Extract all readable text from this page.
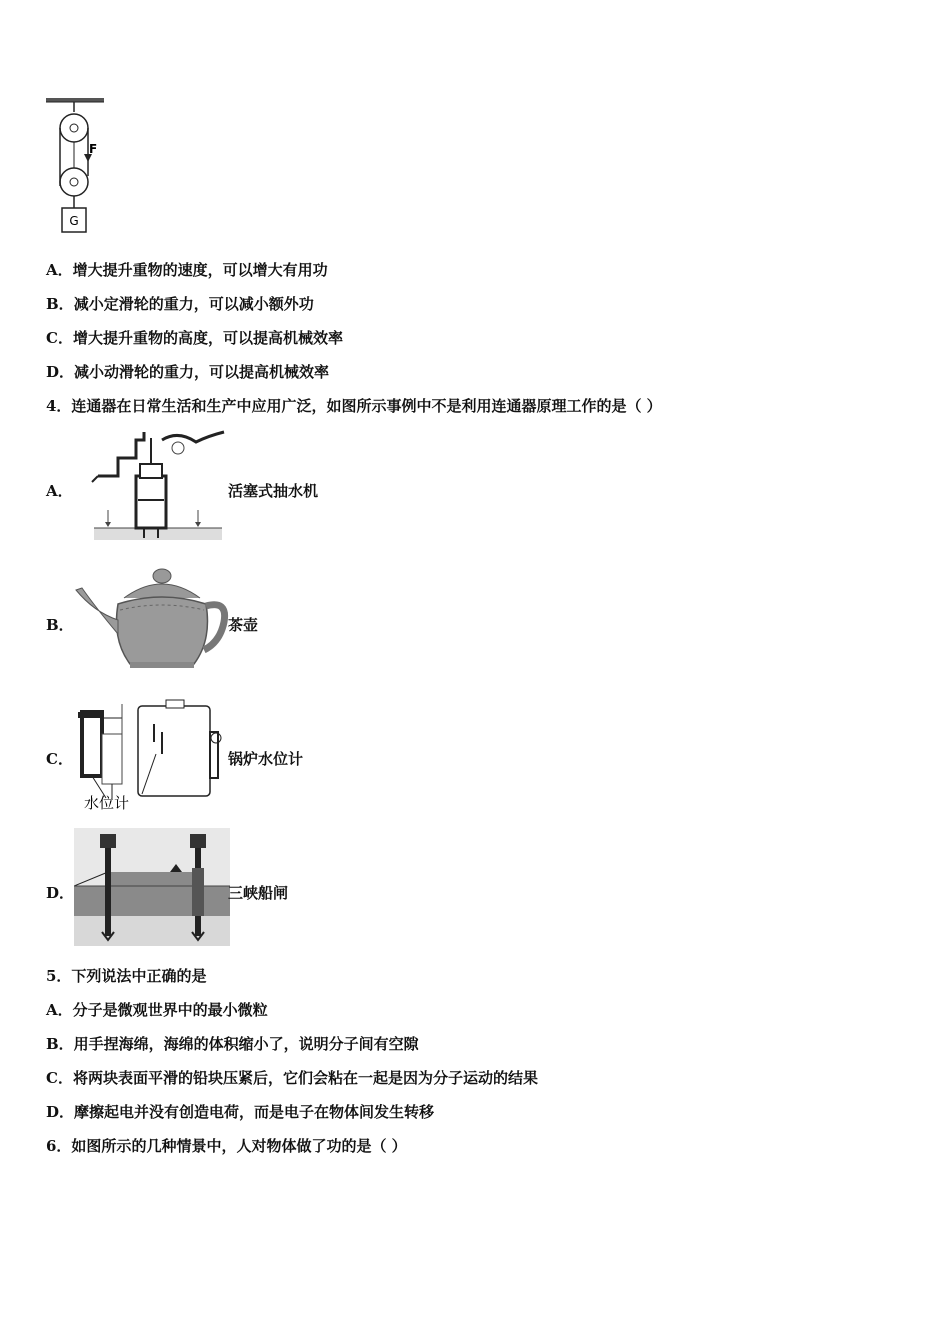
F
G
A．增大提升重物的速度，可以增大有用功
B．减小定滑轮的重力，可以减小额外功
C．增大提升重物的高度，可以提高机械效率
D．减小动滑轮的重力，可以提高机械效率
4．连通器在日常生活和生产中应用广泛，如图所示事例中不是利用连通器原理工作的是（ ）
A．	活塞式抽水机
B．	茶壶
C．
水位计
锅炉水位计
D．	三峡船闸
5．下列说法中正确的是
A．分子是微观世界中的最小微粒
B．用手捏海绵，海绵的体积缩小了，说明分子间有空隙
C．将两块表面平滑的铅块压紧后，它们会粘在一起是因为分子运动的结果
D．摩擦起电并没有创造电荷，而是电子在物体间发生转移
6．如图所示的几种情景中，人对物体做了功的是（ ）
